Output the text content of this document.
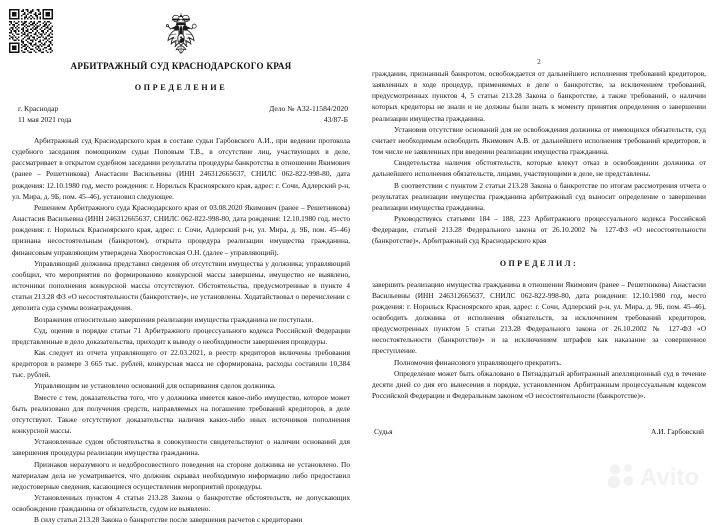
АРБИТРАЖНЫЙ СУД КРАСНОДАРСКОГО КРАЯ
ОПРЕДЕЛЕНИЕ
г. Краснодар
11 мая 2021 года
Дело № А32-11584/2020
43/87-Б

Арбитражный суд Краснодарского края в составе судьи Гарбовского А.И., при ведении протокола судебного заседания помощником судьи Поповым Т.В., в отсутствие лиц, участвующих в деле, рассматривает в открытом судебном заседании результаты процедуры банкротства в отношении Якимович (ранее – Решетникова) Анастасии Васильевны (ИНН 246312665637, СНИЛС 062-822-998-80, дата рождения: 12.10.1980 год, место рождения: г. Норильск Красноярского края, адрес: г. Сочи, Адлерский р-н, ул. Мира, д. 9Б, пом. 45–46), установил следующее.

Решением Арбитражного суда Краснодарского края от 03.08.2020 Якимович (ранее – Решетникова) Анастасия Васильевна (ИНН 246312665637, СНИЛС 062-822-998-80, дата рождения: 12.10.1980 год, место рождения: г. Норильск Красноярского края, адрес: г. Сочи, Адлерский р-н, ул. Мира, д. 9Б, пом. 45–46) признана несостоятельным (банкротом), открыта процедура реализации имущества гражданина, финансовым управляющим утверждена Хворостовская О.Н. (далее – управляющий).

Управляющий должника представил сведения об отсутствии имущества у должника; управляющий сообщил, что мероприятия по формированию конкурсной массы завершены, имущество не выявлено, источники пополнения конкурсной массы отсутствуют. Обстоятельства, предусмотренные в пункте 4 статьи 213.28 ФЗ «О несостоятельности (банкротстве)», не установлены. Ходатайствовал о перечислении с депозита суда суммы вознаграждения.

Возражения относительно завершения реализации имущества гражданина не поступали.

Суд, оценив в порядке статьи 71 Арбитражного процессуального кодекса Российской Федерации представленные в дело доказательства, приходит к выводу о необходимости завершения процедуры.

Как следует из отчета управляющего от 22.03.2021, в реестр кредиторов включены требования кредиторов в размере 3 665 тыс. рублей, конкурсная масса не сформирована, расходы составили 10,384 тыс. рублей.

Управляющим не установлено оснований для оспаривания сделок должника.

Вместе с тем, доказательства того, что у должника имеется какое-либо имущество, которое может быть реализовано для получения средств, направляемых на погашение требований кредиторов, в деле отсутствуют. Также отсутствуют доказательства наличия каких-либо иных источников пополнения конкурсной массы.

Установленные судом обстоятельства в совокупности свидетельствуют о наличии оснований для завершения процедуры реализации имущества гражданина.

Признаков неразумного и недобросовестного поведения на стороне должника не установлено. По материалам дела не усматривается, что должник скрывал необходимую информацию либо предоставил недостоверные сведения, касающиеся осуществления мероприятий процедуры.

Установленных пунктом 4 статьи 213.28 Закона о банкротстве обстоятельств, не допускающих освобождение гражданина от обязательств, судом не выявлено.

В силу статьи 213.28 Закона о банкротстве после завершения расчетов с кредиторами

2

гражданин, признанный банкротом, освобождается от дальнейшего исполнения требований кредиторов, заявленных в ходе процедур, применяемых в деле о банкротстве, за исключением требований, предусмотренных пунктов 4, 5 статьи 213.28 Закона о банкротстве, а также требований, о наличии которых кредиторы не знали и не должны были знать к моменту принятия определения о завершении реализации имущества гражданина.

Установив отсутствие оснований для не освобождения должника от имеющихся обязательств, суд считает необходимым освободить Якимович А.В. от дальнейшего исполнения требований кредиторов, в том числе не заявленных при введении реализации имущества гражданина.

Свидетельства наличия обстоятельств, которые влекут отказ в освобождении должника от дальнейшего исполнения обязательств, лицами, участвующими в деле, не представлены.

В соответствии с пунктом 2 статьи 213.28 Закона о банкротстве по итогам рассмотрения отчета о результатах реализации имущества гражданина арбитражный суд выносит определение о завершении реализации имущества гражданина.

Руководствуясь статьями 184 – 188, 223 Арбитражного процессуального кодекса Российской Федерации, статьей 213.28 Федерального закона от 26.10.2002 № 127-ФЗ «О несостоятельности (банкротстве)», Арбитражный суд Краснодарского края

ОПРЕДЕЛИЛ:

завершить реализацию имущества гражданина в отношении Якимович (ранее – Решетникова) Анастасии Васильевны (ИНН 246312665637, СНИЛС 062-822-998-80, дата рождения: 12.10.1980 год, место рождения: г. Норильск Красноярского края, адрес: г. Сочи, Адлерский р-н, ул. Мира, д. 9Б, пом. 45–46), освободить должника от исполнения обязательств, за исключением требований кредиторов, предусмотренных пунктом 5 статьи 213.28 Федерального закона от 26.10.2002 № 127-ФЗ «О несостоятельности (банкротстве)» и за исключением штрафов как наказание за совершенное преступление.

Полномочия финансового управляющего прекратить.

Определение может быть обжаловано в Пятнадцатый арбитражный апелляционный суд в течение десяти дней со дня его вынесения в порядке, установленном Арбитражным процессуальным кодексом Российской Федерации и Федеральным законом «О несостоятельности (банкротстве)».

Судья	А.И. Гарбовский
Avito
